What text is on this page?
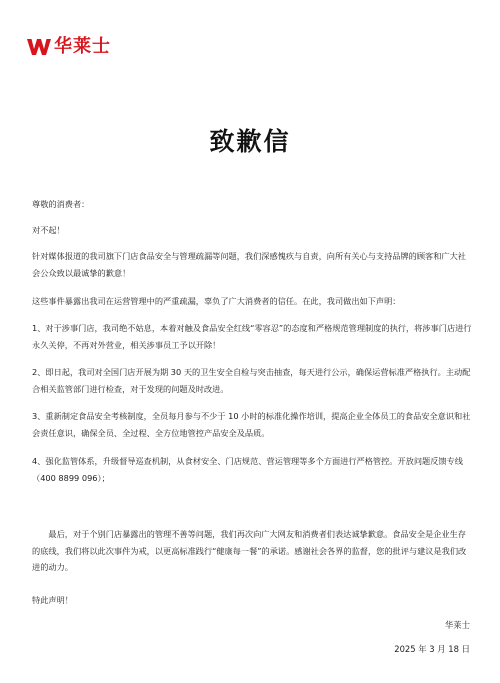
华莱士
致歉信

尊敬的消费者：

对不起！

针对媒体报道的我司旗下门店食品安全与管理疏漏等问题，我们深感愧疚与自责，向所有关心与支持品牌的顾客和广大社会公众致以最诚挚的歉意！

这些事件暴露出我司在运营管理中的严重疏漏，辜负了广大消费者的信任。在此，我司做出如下声明：

1、对于涉事门店，我司绝不姑息，本着对触及食品安全红线“零容忍”的态度和严格规范管理制度的执行，将涉事门店进行永久关停，不再对外营业，相关涉事员工予以开除！

2、即日起，我司对全国门店开展为期 30 天的卫生安全自检与突击抽查，每天进行公示，确保运营标准严格执行。主动配合相关监管部门进行检查，对于发现的问题及时改进。

3、重新制定食品安全考核制度，全员每月参与不少于 10 小时的标准化操作培训，提高企业全体员工的食品安全意识和社会责任意识，确保全员、全过程、全方位地管控产品安全及品质。

4、强化监管体系，升级督导巡查机制，从食材安全、门店规范、营运管理等多个方面进行严格管控。开放问题反馈专线（400 8899 096）；

最后，对于个别门店暴露出的管理不善等问题，我们再次向广大网友和消费者们表达诚挚歉意。食品安全是企业生存的底线，我们将以此次事件为戒，以更高标准践行“健康每一餐”的承诺。感谢社会各界的监督，您的批评与建议是我们改进的动力。

特此声明！

华莱士
2025 年 3 月 18 日
